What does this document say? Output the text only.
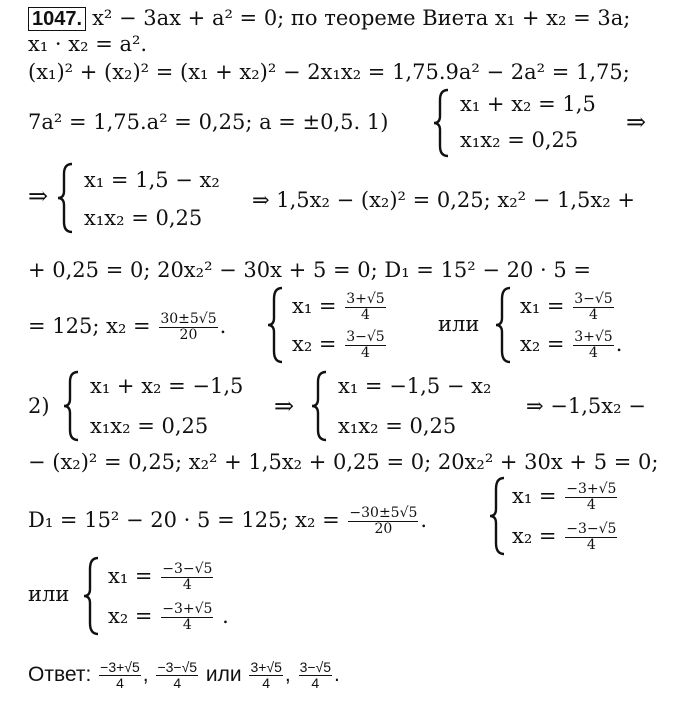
1047. x² − 3ax + a² = 0; по теореме Виета x₁ + x₂ = 3a;
x₁ · x₂ = a².
(x₁)² + (x₂)² = (x₁ + x₂)² − 2x₁x₂ = 1,75.9a² − 2a² = 1,75;
7a² = 1,75.a² = 0,25; a = ±0,5. 1)
x₁ + x₂ = 1,5
x₁x₂ = 0,25
⇒
⇒
x₁ = 1,5 − x₂
x₁x₂ = 0,25
⇒ 1,5x₂ − (x₂)² = 0,25; x₂² − 1,5x₂ +
+ 0,25 = 0; 20x₂² − 30x + 5 = 0; D₁ = 15² − 20 · 5 =
= 125; $x_2 = \frac{30\pm 5√5}{20}$ .
$x_1 = \frac{3+√5}{4}$
$x_2 = \frac{3-√5}{4}$
или
$x_1 = \frac{3-√5}{4}$
$x_2 = \frac{3+√5}{4}$ .
2)
x₁ + x₂ = −1,5
x₁x₂ = 0,25
⇒
x₁ = −1,5 − x₂
x₁x₂ = 0,25
⇒ −1,5x₂ −
− (x₂)² = 0,25; x₂² + 1,5x₂ + 0,25 = 0; 20x₂² + 30x + 5 = 0;
D₁ = 15² − 20 · 5 = 125; $x_2 = \frac{-30\pm 5√5}{20}$ .
$x_1 = \frac{-3+√5}{4}$
$x_2 = \frac{-3-√5}{4}$
или
$x_1 = \frac{-3-√5}{4}$
$x_2 = \frac{-3+√5}{4}$ .
Ответ: $\frac{-3+√5}{4}$ , $\frac{-3-√5}{4}$ или $\frac{3+√5}{4}$ , $\frac{3-√5}{4}$ .
